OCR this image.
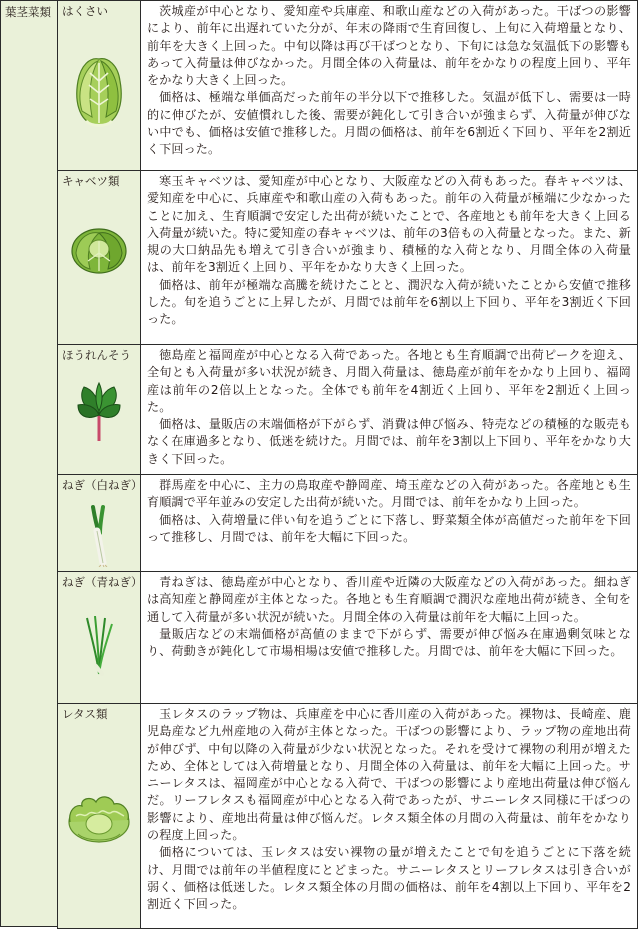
葉茎菜類 はくさい	茨城産が中心となり、愛知産や兵庫産、和歌山産などの入荷があった。干ばつの影響により、前年に出遅れていた分が、年末の降雨で生育回復し、上旬に入荷増量となり、前年を大きく上回った。中旬以降は再び干ばつとなり、下旬には急な気温低下の影響もあって入荷量は伸びなかった。月間全体の入荷量は、前年をかなりの程度上回り、平年をかなり大きく上回った。

価格は、極端な単価高だった前年の半分以下で推移した。気温が低下し、需要は一時的に伸びたが、安値慣れした後、需要が鈍化して引き合いが強まらず、入荷量が伸びない中でも、価格は安値で推移した。月間の価格は、前年を6割近く下回り、平年を2割近く下回った。

キャベツ類	寒玉キャベツは、愛知産が中心となり、大阪産などの入荷もあった。春キャベツは、愛知産を中心に、兵庫産や和歌山産の入荷もあった。前年の入荷量が極端に少なかったことに加え、生育順調で安定した出荷が続いたことで、各産地とも前年を大きく上回る入荷量が続いた。特に愛知産の春キャベツは、前年の3倍もの入荷量となった。また、新規の大口納品先も増えて引き合いが強まり、積極的な入荷となり、月間全体の入荷量は、前年を3割近く上回り、平年をかなり大きく上回った。

価格は、前年が極端な高騰を続けたことと、潤沢な入荷が続いたことから安値で推移した。旬を追うごとに上昇したが、月間では前年を6割以上下回り、平年を3割近く下回った。

ほうれんそう	徳島産と福岡産が中心となる入荷であった。各地とも生育順調で出荷ピークを迎え、全旬とも入荷量が多い状況が続き、月間入荷量は、徳島産が前年をかなり上回り、福岡産は前年の2倍以上となった。全体でも前年を4割近く上回り、平年を2割近く上回った。

価格は、量販店の末端価格が下がらず、消費は伸び悩み、特売などの積極的な販売もなく在庫過多となり、低迷を続けた。月間では、前年を3割以上下回り、平年をかなり大きく下回った。

ねぎ（白ねぎ）	群馬産を中心に、主力の鳥取産や静岡産、埼玉産などの入荷があった。各産地とも生育順調で平年並みの安定した出荷が続いた。月間では、前年をかなり上回った。

価格は、入荷増量に伴い旬を追うごとに下落し、野菜類全体が高値だった前年を下回って推移し、月間では、前年を大幅に下回った。

ねぎ（青ねぎ）	青ねぎは、徳島産が中心となり、香川産や近隣の大阪産などの入荷があった。細ねぎは高知産と静岡産が主体となった。各地とも生育順調で潤沢な産地出荷が続き、全旬を通して入荷量が多い状況が続いた。月間全体の入荷量は前年を大幅に上回った。

量販店などの末端価格が高値のままで下がらず、需要が伸び悩み在庫過剰気味となり、荷動きが鈍化して市場相場は安値で推移した。月間では、前年を大幅に下回った。

レタス類	玉レタスのラップ物は、兵庫産を中心に香川産の入荷があった。裸物は、長崎産、鹿児島産など九州産地の入荷が主体となった。干ばつの影響により、ラップ物の産地出荷が伸びず、中旬以降の入荷量が少ない状況となった。それを受けて裸物の利用が増えたため、全体としては入荷増量となり、月間全体の入荷量は、前年を大幅に上回った。サニーレタスは、福岡産が中心となる入荷で、干ばつの影響により産地出荷量は伸び悩んだ。リーフレタスも福岡産が中心となる入荷であったが、サニーレタス同様に干ばつの影響により、産地出荷量は伸び悩んだ。レタス類全体の月間の入荷量は、前年をかなりの程度上回った。

価格については、玉レタスは安い裸物の量が増えたことで旬を追うごとに下落を続け、月間では前年の半値程度にとどまった。サニーレタスとリーフレタスは引き合いが弱く、価格は低迷した。レタス類全体の月間の価格は、前年を4割以上下回り、平年を2割近く下回った。
